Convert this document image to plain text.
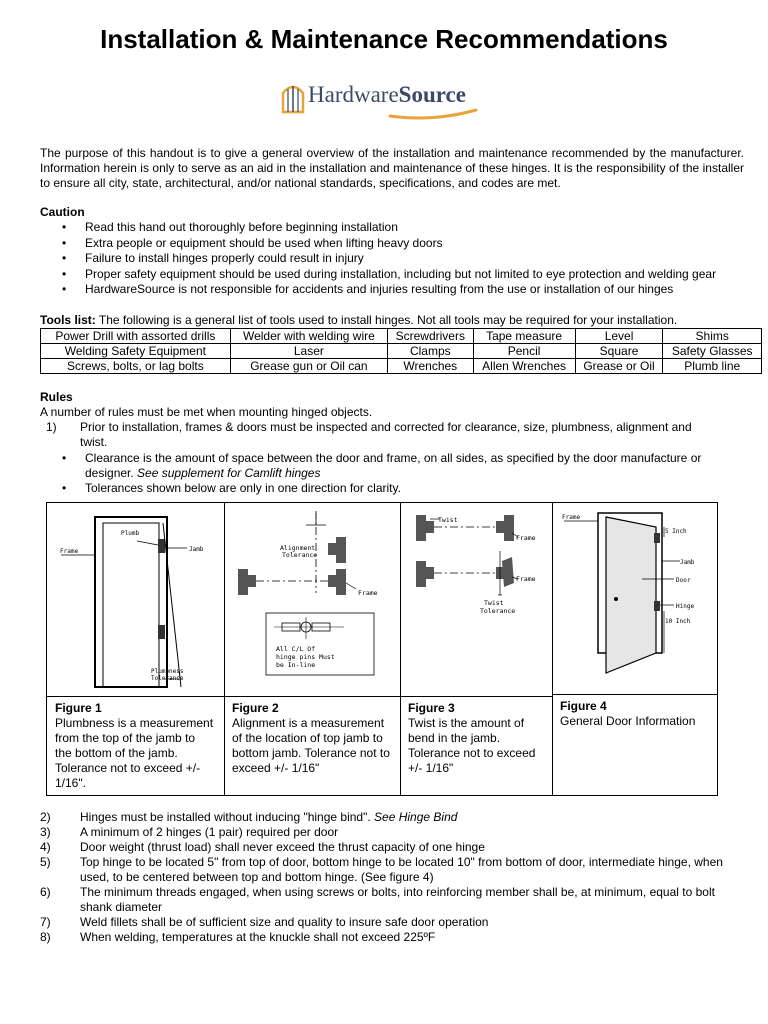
Installation & Maintenance Recommendations
HardwareSource
The purpose of this handout is to give a general overview of the installation and maintenance recommended by the manufacturer. Information herein is only to serve as an aid in the installation and maintenance of these hinges. It is the responsibility of the installer to ensure all city, state, architectural, and/or national standards, specifications, and codes are met.
Caution
• Read this hand out thoroughly before beginning installation
• Extra people or equipment should be used when lifting heavy doors
• Failure to install hinges properly could result in injury
• Proper safety equipment should be used during installation, including but not limited to eye protection and welding gear
• HardwareSource is not responsible for accidents and injuries resulting from the use or installation of our hinges
Tools list: The following is a general list of tools used to install hinges. Not all tools may be required for your installation.
Power Drill with assorted drills	Welder with welding wire	Screwdrivers	Tape measure	Level	Shims
Welding Safety Equipment	Laser	Clamps	Pencil	Square	Safety Glasses
Screws, bolts, or lag bolts	Grease gun or Oil can	Wrenches	Allen Wrenches	Grease or Oil	Plumb line
Rules
A number of rules must be met when mounting hinged objects.
1) Prior to installation, frames & doors must be inspected and corrected for clearance, size, plumbness, alignment and twist.
• Clearance is the amount of space between the door and frame, on all sides, as specified by the door manufacture or designer. See supplement for Camlift hinges
• Tolerances shown below are only in one direction for clarity.
Plumb
Frame	Jamb
Plumbness
Tolerance
Figure 1
Plumbness is a measurement from the top of the jamb to the bottom of the jamb. Tolerance not to exceed +/- 1/16".
Alignment
Tolerance
Frame
All C/L Of
hinge pins Must
be In-line
Figure 2
Alignment is a measurement of the location of top jamb to bottom jamb. Tolerance not to exceed +/- 1/16"
Twist
Frame
Frame
Twist
Tolerance
Figure 3
Twist is the amount of bend in the jamb. Tolerance not to exceed +/- 1/16"
Frame
5 Inch
Jamb
Door
Hinge
10 Inch
Figure 4
General Door Information
2) Hinges must be installed without inducing "hinge bind". See Hinge Bind
3) A minimum of 2 hinges (1 pair) required per door
4) Door weight (thrust load) shall never exceed the thrust capacity of one hinge
5) Top hinge to be located 5" from top of door, bottom hinge to be located 10" from bottom of door, intermediate hinge, when used, to be centered between top and bottom hinge. (See figure 4)
6) The minimum threads engaged, when using screws or bolts, into reinforcing member shall be, at minimum, equal to bolt shank diameter
7) Weld fillets shall be of sufficient size and quality to insure safe door operation
8) When welding, temperatures at the knuckle shall not exceed 225ºF
